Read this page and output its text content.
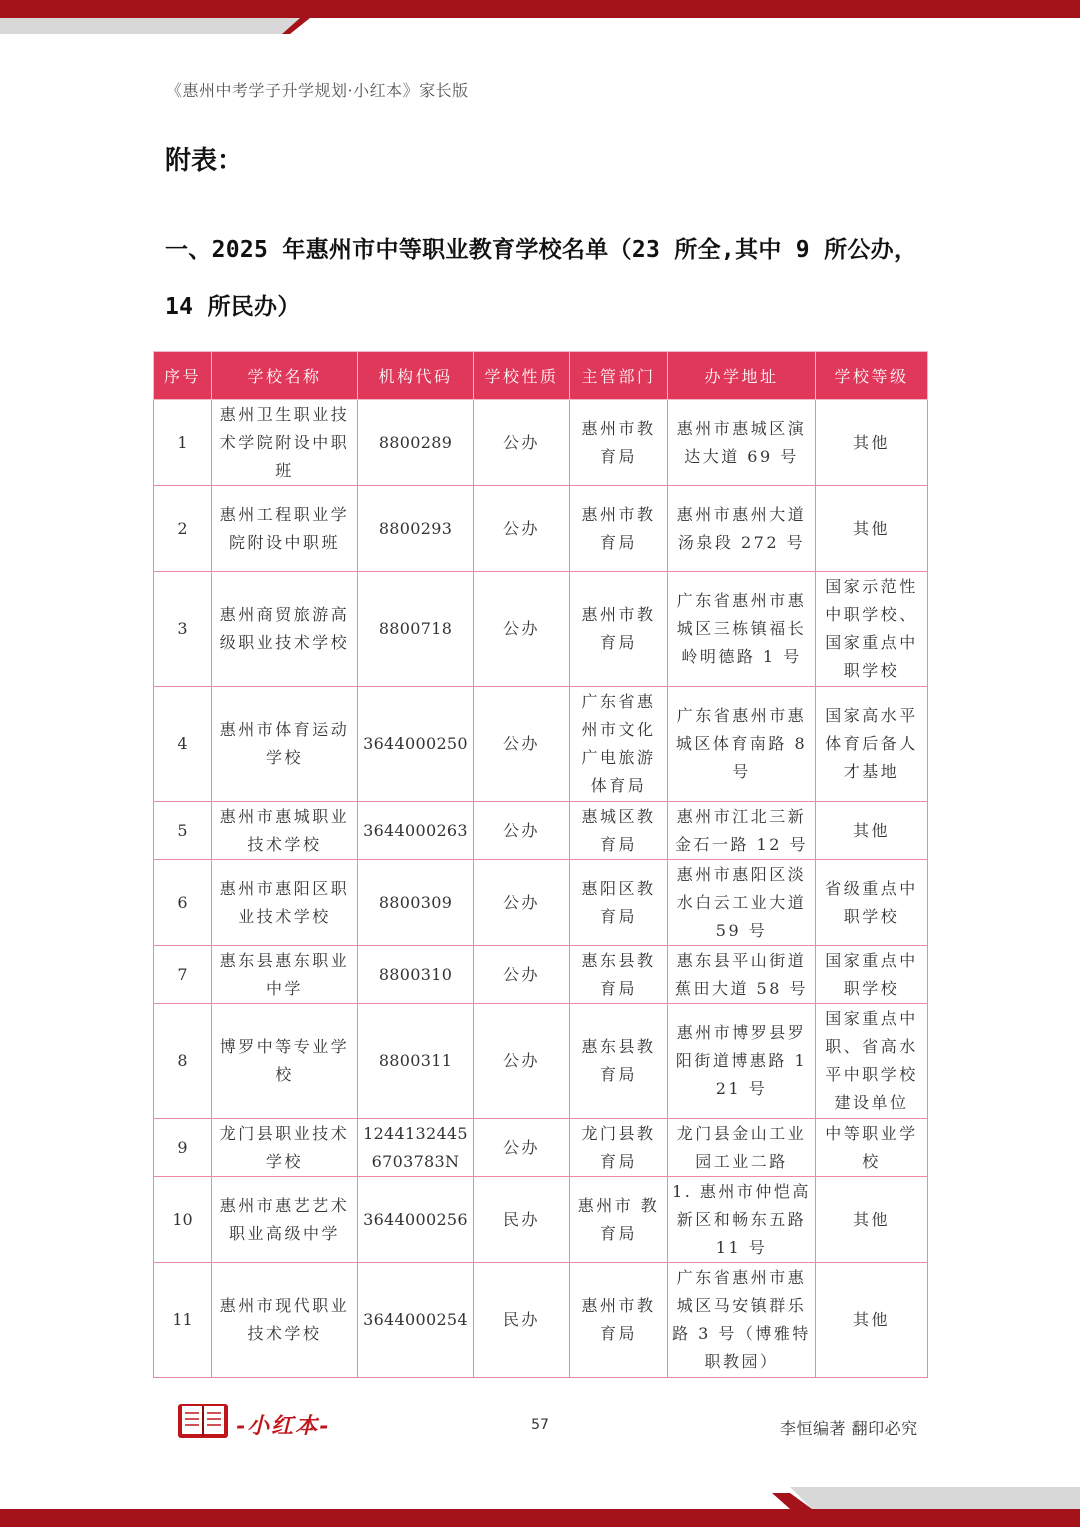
《惠州中考学子升学规划·小红本》家长版
附表：
一、2025 年惠州市中等职业教育学校名单（23 所全,其中 9 所公办，14 所民办）
序号	学校名称	机构代码	学校性质	主管部门	办学地址	学校等级
1	惠州卫生职业技术学院附设中职班	8800289	公办	惠州市教育局	惠州市惠城区演达大道 69 号	其他
2	惠州工程职业学院附设中职班	8800293	公办	惠州市教育局	惠州市惠州大道汤泉段 272 号	其他
3	惠州商贸旅游高级职业技术学校	8800718	公办	惠州市教育局	广东省惠州市惠城区三栋镇福长岭明德路 1 号	国家示范性中职学校、国家重点中职学校
4	惠州市体育运动学校	3644000250	公办	广东省惠州市文化广电旅游体育局	广东省惠州市惠城区体育南路 8 号	国家高水平体育后备人才基地
5	惠州市惠城职业技术学校	3644000263	公办	惠城区教育局	惠州市江北三新金石一路 12 号	其他
6	惠州市惠阳区职业技术学校	8800309	公办	惠阳区教育局	惠州市惠阳区淡水白云工业大道 59 号	省级重点中职学校
7	惠东县惠东职业中学	8800310	公办	惠东县教育局	惠东县平山街道蕉田大道 58 号	国家重点中职学校
8	博罗中等专业学校	8800311	公办	惠东县教育局	惠州市博罗县罗阳街道博惠路 121 号	国家重点中职、省高水平中职学校建设单位
9	龙门县职业技术学校	12441324456703783N	公办	龙门县教育局	龙门县金山工业园工业二路	中等职业学校
10	惠州市惠艺艺术职业高级中学	3644000256	民办	惠州市 教育局	1. 惠州市仲恺高新区和畅东五路 11 号	其他
11	惠州市现代职业技术学校	3644000254	民办	惠州市教育局	广东省惠州市惠城区马安镇群乐路 3 号（博雅特职教园）	其他
-小红本-	57	李恒编著 翻印必究
